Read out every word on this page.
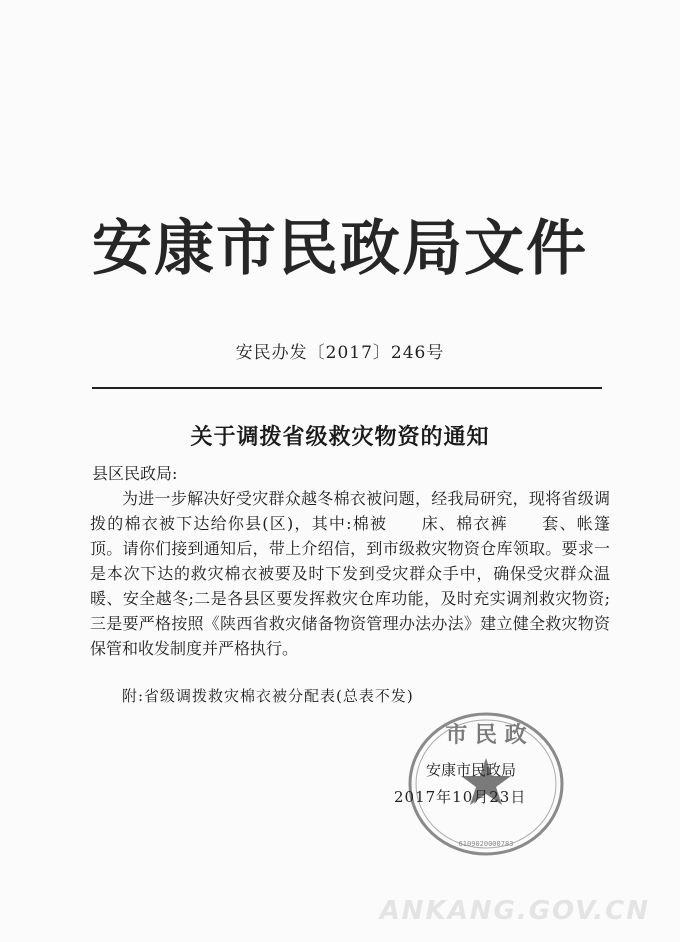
安康市民政局文件
安民办发〔2017〕246号
关于调拨省级救灾物资的通知
县区民政局:

为进一步解决好受灾群众越冬棉衣被问题，经我局研究，现将省级调拨的棉衣被下达给你县(区)，其中:棉被　　床、棉衣裤　　套、帐篷　　顶。请你们接到通知后，带上介绍信，到市级救灾物资仓库领取。要求一是本次下达的救灾棉衣被要及时下发到受灾群众手中，确保受灾群众温暖、安全越冬;二是各县区要发挥救灾仓库功能，及时充实调剂救灾物资;三是要严格按照《陕西省救灾储备物资管理办法办法》建立健全救灾物资保管和收发制度并严格执行。

附:省级调拨救灾棉衣被分配表(总表不发)
市 民 政
6109020000783
安康市民政局
2017年10月23日
ANKANG.GOV.CN
